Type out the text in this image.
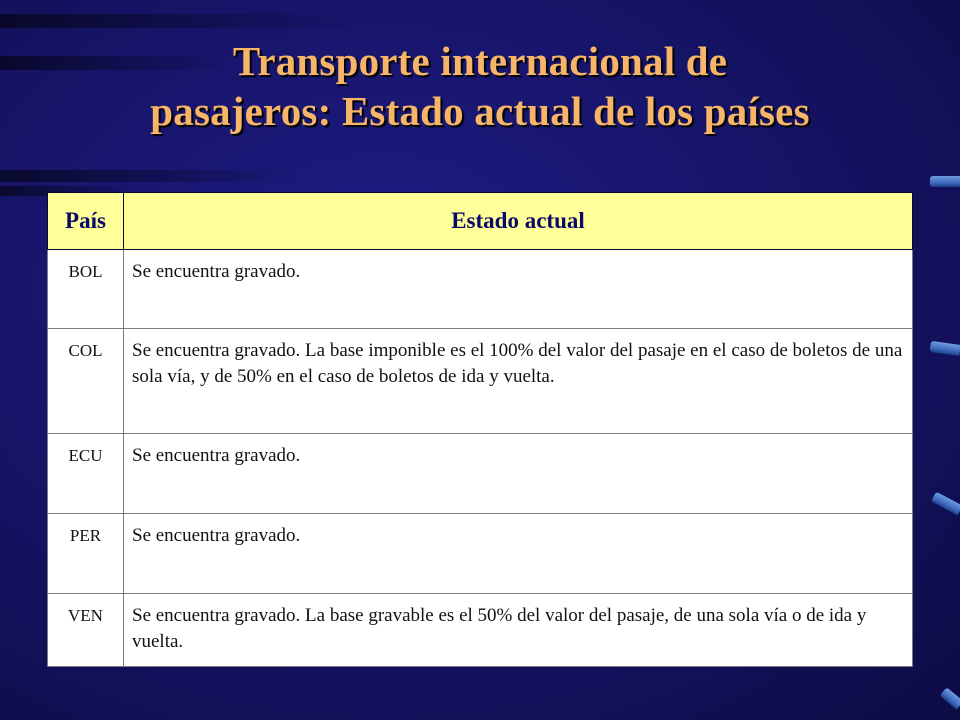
Transporte internacional de
pasajeros: Estado actual de los países
País	Estado actual
BOL	Se encuentra gravado.
COL	Se encuentra gravado. La base imponible es el 100% del valor del pasaje en el caso de boletos de una sola vía, y de 50% en el caso de boletos de ida y vuelta.
ECU	Se encuentra gravado.
PER	Se encuentra gravado.
VEN	Se encuentra gravado. La base gravable es el 50% del valor del pasaje, de una sola vía o de ida y vuelta.
